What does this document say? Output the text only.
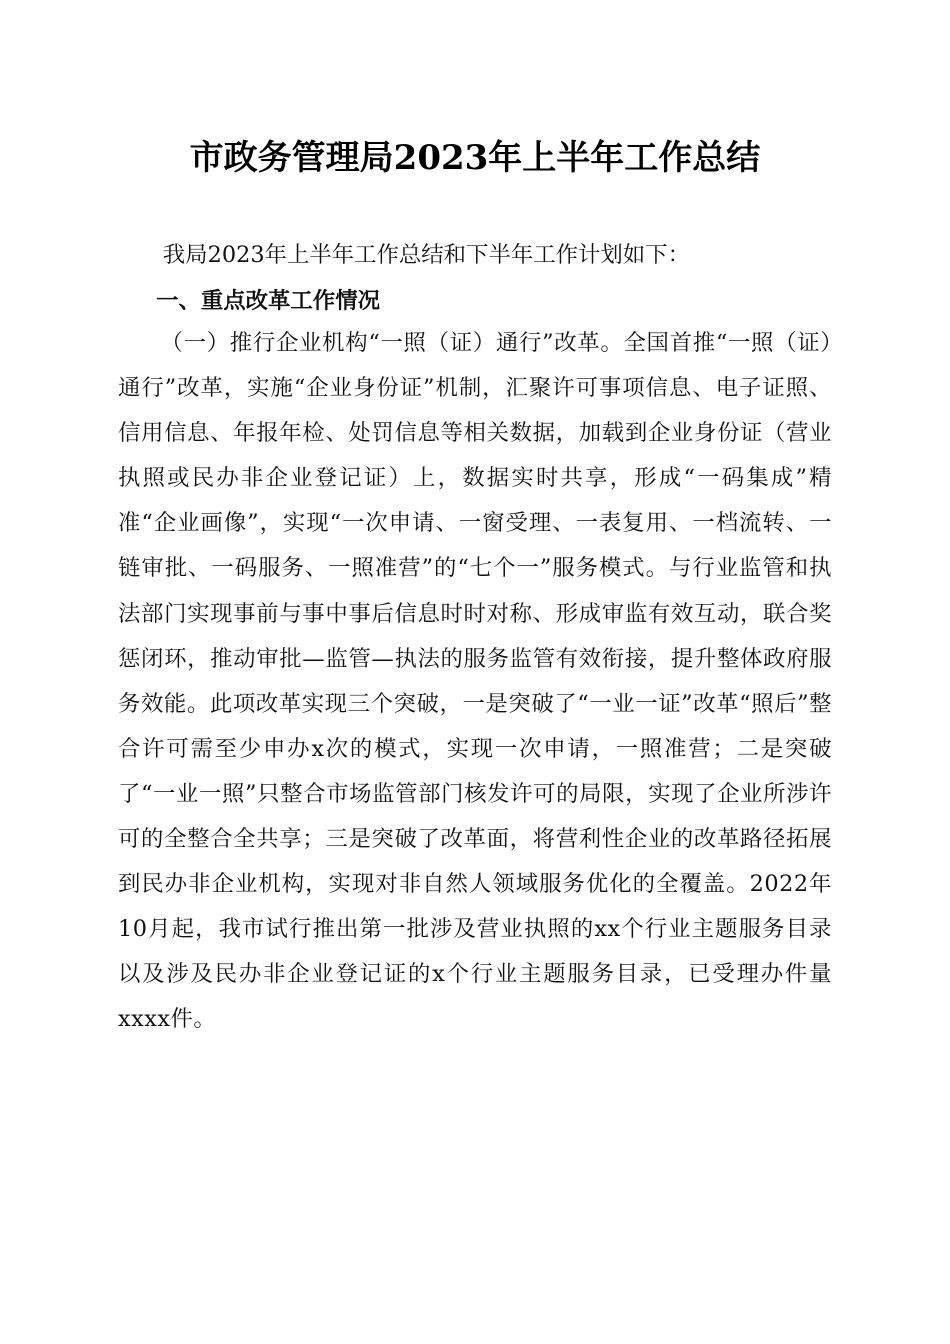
市政务管理局2023年上半年工作总结

我局2023年上半年工作总结和下半年工作计划如下：

一、重点改革工作情况

（一）推行企业机构“一照（证）通行”改革。全国首推“一照（证）通行”改革，实施“企业身份证”机制，汇聚许可事项信息、电子证照、信用信息、年报年检、处罚信息等相关数据，加载到企业身份证（营业执照或民办非企业登记证）上，数据实时共享，形成“一码集成”精准“企业画像”，实现“一次申请、一窗受理、一表复用、一档流转、一链审批、一码服务、一照准营”的“七个一”服务模式。与行业监管和执法部门实现事前与事中事后信息时时对称、形成审监有效互动，联合奖惩闭环，推动审批—监管—执法的服务监管有效衔接，提升整体政府服务效能。此项改革实现三个突破，一是突破了“一业一证”改革“照后”整合许可需至少申办x次的模式，实现一次申请，一照准营；二是突破了“一业一照”只整合市场监管部门核发许可的局限，实现了企业所涉许可的全整合全共享；三是突破了改革面，将营利性企业的改革路径拓展到民办非企业机构，实现对非自然人领域服务优化的全覆盖。2022年10月起，我市试行推出第一批涉及营业执照的xx个行业主题服务目录以及涉及民办非企业登记证的x个行业主题服务目录，已受理办件量xxxx件。
